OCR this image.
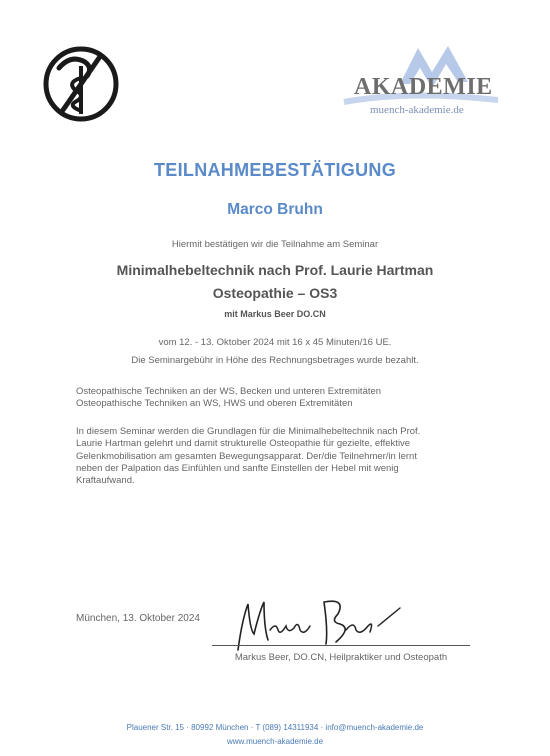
AKADEMIE
muench-akademie.de
TEILNAHMEBESTÄTIGUNG
Marco Bruhn
Hiermit bestätigen wir die Teilnahme am Seminar
Minimalhebeltechnik nach Prof. Laurie Hartman
Osteopathie – OS3
mit Markus Beer DO.CN
vom 12. - 13. Oktober 2024 mit 16 x 45 Minuten/16 UE.
Die Seminargebühr in Höhe des Rechnungsbetrages wurde bezahlt.
Osteopathische Techniken an der WS, Becken und unteren Extremitäten
Osteopathische Techniken an WS, HWS und oberen Extremitäten
In diesem Seminar werden die Grundlagen für die Minimalhebeltechnik nach Prof.
Laurie Hartman gelehrt und damit strukturelle Osteopathie für gezielte, effektive
Gelenkmobilisation am gesamten Bewegungsapparat. Der/die Teilnehmer/in lernt
neben der Palpation das Einfühlen und sanfte Einstellen der Hebel mit wenig
Kraftaufwand.
München, 13. Oktober 2024
Markus Beer, DO.CN, Heilpraktiker und Osteopath
Plauener Str. 15 · 80992 München · T (089) 14311934 · info@muench-akademie.de
www.muench-akademie.de
